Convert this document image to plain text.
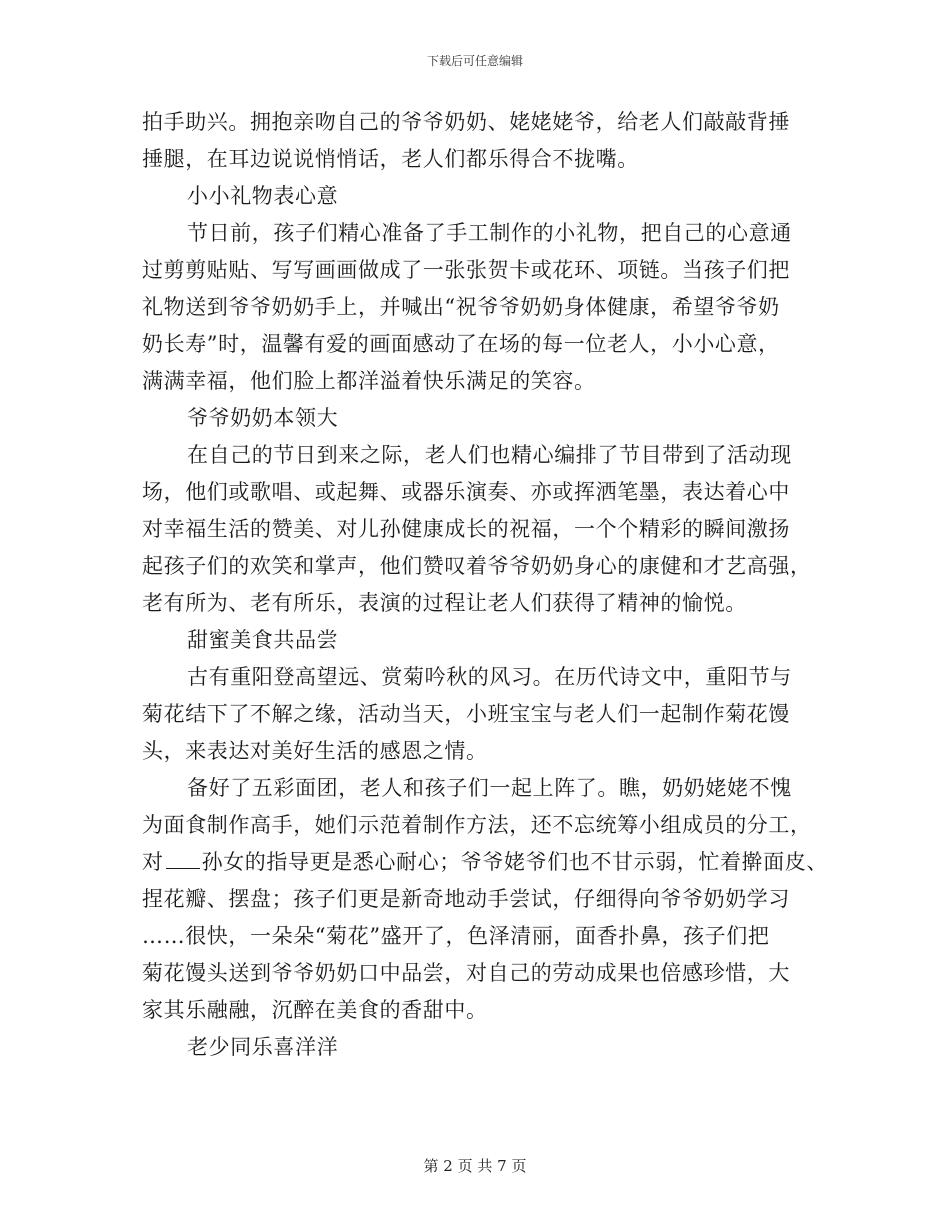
下载后可任意编辑
拍手助兴。拥抱亲吻自己的爷爷奶奶、姥姥姥爷，给老人们敲敲背捶
捶腿，在耳边说说悄悄话，老人们都乐得合不拢嘴。
小小礼物表心意
节日前，孩子们精心准备了手工制作的小礼物，把自己的心意通
过剪剪贴贴、写写画画做成了一张张贺卡或花环、项链。当孩子们把
礼物送到爷爷奶奶手上，并喊出“祝爷爷奶奶身体健康，希望爷爷奶
奶长寿”时，温馨有爱的画面感动了在场的每一位老人，小小心意，
满满幸福，他们脸上都洋溢着快乐满足的笑容。
爷爷奶奶本领大
在自己的节日到来之际，老人们也精心编排了节目带到了活动现
场，他们或歌唱、或起舞、或器乐演奏、亦或挥洒笔墨，表达着心中
对幸福生活的赞美、对儿孙健康成长的祝福，一个个精彩的瞬间激扬
起孩子们的欢笑和掌声，他们赞叹着爷爷奶奶身心的康健和才艺高强，
老有所为、老有所乐，表演的过程让老人们获得了精神的愉悦。
甜蜜美食共品尝
古有重阳登高望远、赏菊吟秋的风习。在历代诗文中，重阳节与
菊花结下了不解之缘，活动当天，小班宝宝与老人们一起制作菊花馒
头，来表达对美好生活的感恩之情。
备好了五彩面团，老人和孩子们一起上阵了。瞧，奶奶姥姥不愧
为面食制作高手，她们示范着制作方法，还不忘统筹小组成员的分工，
对 孙女的指导更是悉心耐心；爷爷姥爷们也不甘示弱，忙着擀面皮、
捏花瓣、摆盘；孩子们更是新奇地动手尝试，仔细得向爷爷奶奶学习
……很快，一朵朵“菊花”盛开了，色泽清丽，面香扑鼻，孩子们把
菊花馒头送到爷爷奶奶口中品尝，对自己的劳动成果也倍感珍惜，大
家其乐融融，沉醉在美食的香甜中。
老少同乐喜洋洋
第 2 页 共 7 页
